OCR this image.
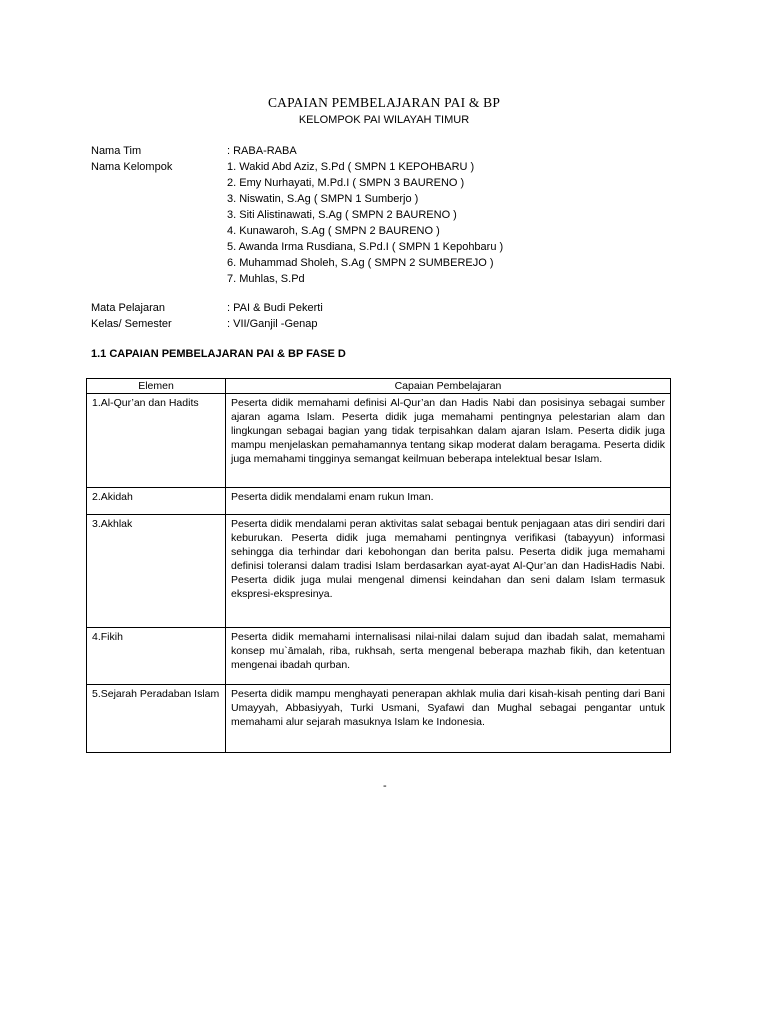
CAPAIAN PEMBELAJARAN PAI & BP
KELOMPOK PAI WILAYAH TIMUR
Nama Tim	: RABA-RABA
Nama Kelompok	1. Wakid Abd Aziz, S.Pd ( SMPN 1 KEPOHBARU )
2. Emy Nurhayati, M.Pd.I ( SMPN 3 BAURENO )
3. Niswatin, S.Ag ( SMPN 1 Sumberjo )
3. Siti Alistinawati, S.Ag ( SMPN 2 BAURENO )
4. Kunawaroh, S.Ag ( SMPN 2 BAURENO )
5. Awanda Irma Rusdiana, S.Pd.I ( SMPN 1 Kepohbaru )
6. Muhammad Sholeh, S.Ag ( SMPN 2 SUMBEREJO )
7. Muhlas, S.Pd
Mata Pelajaran	: PAI & Budi Pekerti
Kelas/ Semester	: VII/Ganjil -Genap
1.1 CAPAIAN PEMBELAJARAN PAI & BP FASE D
Elemen	Capaian Pembelajaran
1.Al-Qur’an dan Hadits	Peserta didik memahami definisi Al-Qur’an dan Hadis Nabi dan posisinya sebagai sumber ajaran agama Islam. Peserta didik juga memahami pentingnya pelestarian alam dan lingkungan sebagai bagian yang tidak terpisahkan dalam ajaran Islam. Peserta didik juga mampu menjelaskan pemahamannya tentang sikap moderat dalam beragama. Peserta didik juga memahami tingginya semangat keilmuan beberapa intelektual besar Islam.
2.Akidah	Peserta didik mendalami enam rukun Iman.
3.Akhlak	Peserta didik mendalami peran aktivitas salat sebagai bentuk penjagaan atas diri sendiri dari keburukan. Peserta didik juga memahami pentingnya verifikasi (tabayyun) informasi sehingga dia terhindar dari kebohongan dan berita palsu. Peserta didik juga memahami definisi toleransi dalam tradisi Islam berdasarkan ayat-ayat Al-Qur’an dan HadisHadis Nabi. Peserta didik juga mulai mengenal dimensi keindahan dan seni dalam Islam termasuk ekspresi-ekspresinya.
4.Fikih	Peserta didik memahami internalisasi nilai-nilai dalam sujud dan ibadah salat, memahami konsep mu`āmalah, riba, rukhsah, serta mengenal beberapa mazhab fikih, dan ketentuan mengenai ibadah qurban.
5.Sejarah Peradaban Islam	Peserta didik mampu menghayati penerapan akhlak mulia dari kisah-kisah penting dari Bani Umayyah, Abbasiyyah, Turki Usmani, Syafawi dan Mughal sebagai pengantar untuk memahami alur sejarah masuknya Islam ke Indonesia.
-
